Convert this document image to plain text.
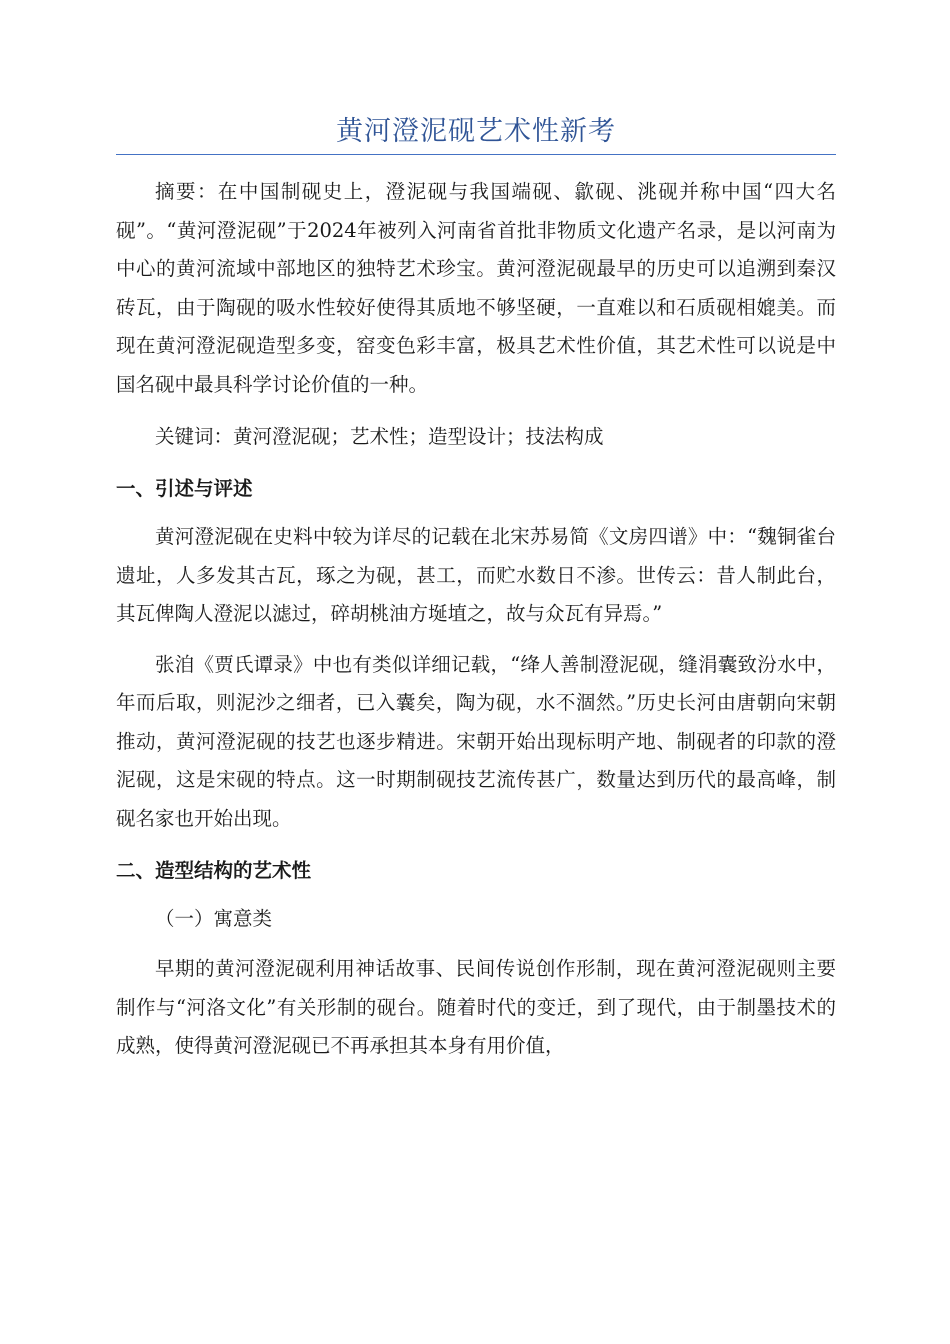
黄河澄泥砚艺术性新考

摘要：在中国制砚史上，澄泥砚与我国端砚、歙砚、洮砚并称中国“四大名砚”。“黄河澄泥砚”于2024年被列入河南省首批非物质文化遗产名录，是以河南为中心的黄河流域中部地区的独特艺术珍宝。黄河澄泥砚最早的历史可以追溯到秦汉砖瓦，由于陶砚的吸水性较好使得其质地不够坚硬，一直难以和石质砚相媲美。而现在黄河澄泥砚造型多变，窑变色彩丰富，极具艺术性价值，其艺术性可以说是中国名砚中最具科学讨论价值的一种。

关键词：黄河澄泥砚；艺术性；造型设计；技法构成

一、引述与评述

黄河澄泥砚在史料中较为详尽的记载在北宋苏易简《文房四谱》中：“魏铜雀台遗址，人多发其古瓦，琢之为砚，甚工，而贮水数日不渗。世传云：昔人制此台，其瓦俾陶人澄泥以滤过，碎胡桃油方埏埴之，故与众瓦有异焉。”

张洎《贾氏谭录》中也有类似详细记载，“绛人善制澄泥砚，缝涓囊致汾水中，年而后取，则泥沙之细者，已入囊矣，陶为砚，水不涸然。”历史长河由唐朝向宋朝推动，黄河澄泥砚的技艺也逐步精进。宋朝开始出现标明产地、制砚者的印款的澄泥砚，这是宋砚的特点。这一时期制砚技艺流传甚广，数量达到历代的最高峰，制砚名家也开始出现。

二、造型结构的艺术性
（一）寓意类

早期的黄河澄泥砚利用神话故事、民间传说创作形制，现在黄河澄泥砚则主要制作与“河洛文化”有关形制的砚台。随着时代的变迁，到了现代，由于制墨技术的成熟，使得黄河澄泥砚已不再承担其本身有用价值，
